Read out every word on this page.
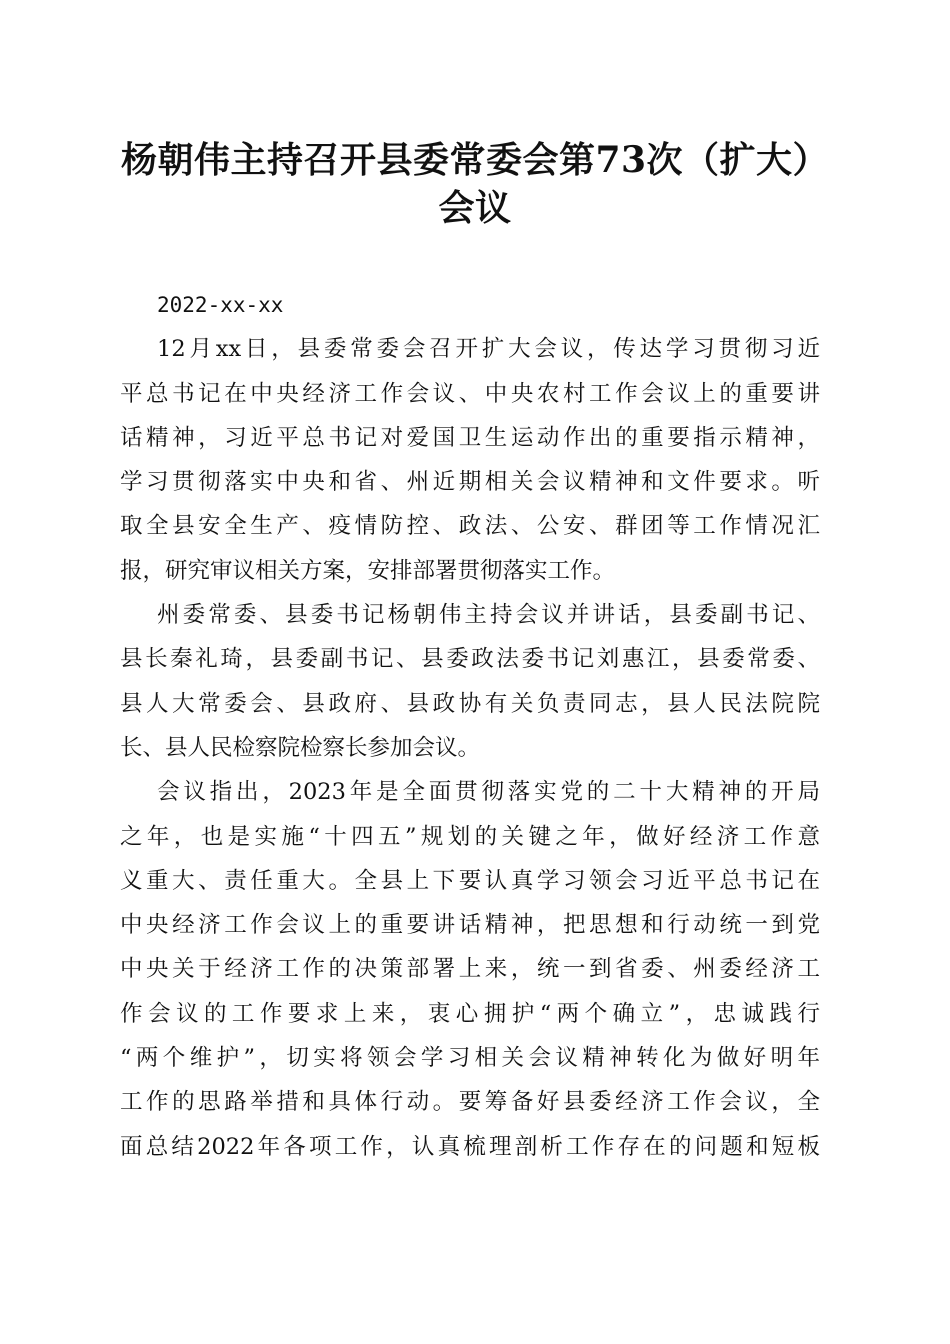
杨朝伟主持召开县委常委会第73次（扩大）
会议
2022-xx-xx
12月xx日，县委常委会召开扩大会议，传达学习贯彻习近
平总书记在中央经济工作会议、中央农村工作会议上的重要讲
话精神，习近平总书记对爱国卫生运动作出的重要指示精神，
学习贯彻落实中央和省、州近期相关会议精神和文件要求。听
取全县安全生产、疫情防控、政法、公安、群团等工作情况汇
报，研究审议相关方案，安排部署贯彻落实工作。
州委常委、县委书记杨朝伟主持会议并讲话，县委副书记、
县长秦礼琦，县委副书记、县委政法委书记刘惠江，县委常委、
县人大常委会、县政府、县政协有关负责同志，县人民法院院
长、县人民检察院检察长参加会议。
会议指出，2023年是全面贯彻落实党的二十大精神的开局
之年，也是实施“十四五”规划的关键之年，做好经济工作意
义重大、责任重大。全县上下要认真学习领会习近平总书记在
中央经济工作会议上的重要讲话精神，把思想和行动统一到党
中央关于经济工作的决策部署上来，统一到省委、州委经济工
作会议的工作要求上来，衷心拥护“两个确立”，忠诚践行
“两个维护”，切实将领会学习相关会议精神转化为做好明年
工作的思路举措和具体行动。要筹备好县委经济工作会议，全
面总结2022年各项工作，认真梳理剖析工作存在的问题和短板
